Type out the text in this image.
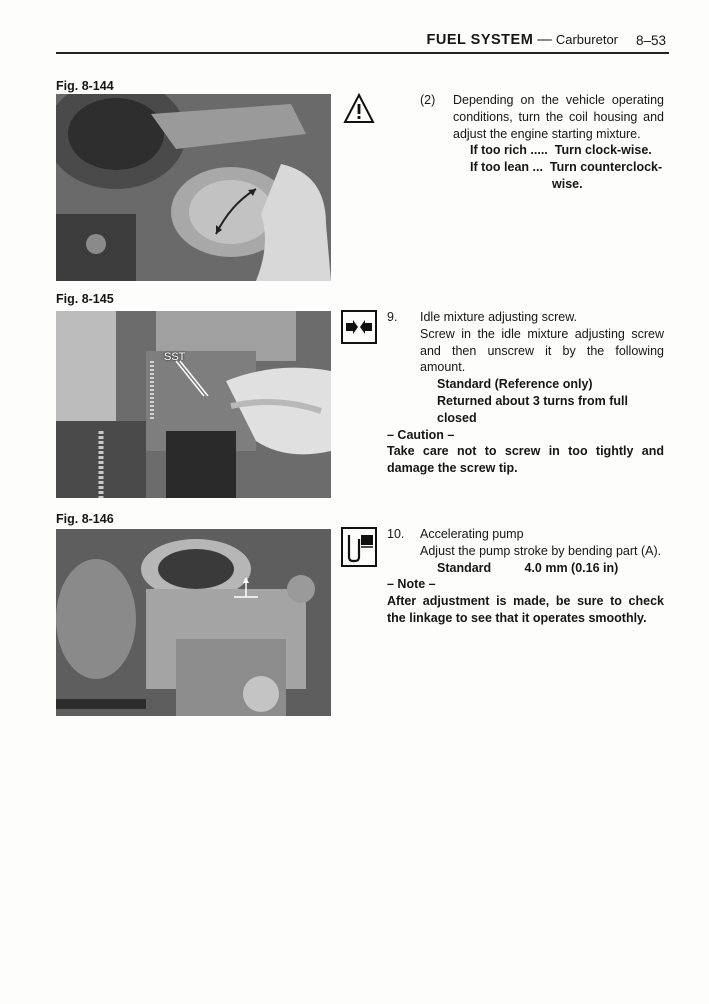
FUEL SYSTEM — Carburetor 8–53
Fig. 8-144

(2)	Depending on the vehicle operating conditions, turn the coil housing and adjust the engine starting mixture.

If too rich ..... Turn clock-wise.
If too lean ... Turn counterclock-
wise.
Fig. 8-145
SST
9. Idle mixture adjusting screw.
Screw in the idle mixture adjusting screw and then unscrew it by the following amount.
Standard (Reference only)
Returned about 3 turns from full closed
– Caution –
Take care not to screw in too tightly and damage the screw tip.
Fig. 8-146
10. Accelerating pump
Adjust the pump stroke by bending part (A).
Standard	4.0 mm (0.16 in)
– Note –
After adjustment is made, be sure to check the linkage to see that it operates smoothly.
